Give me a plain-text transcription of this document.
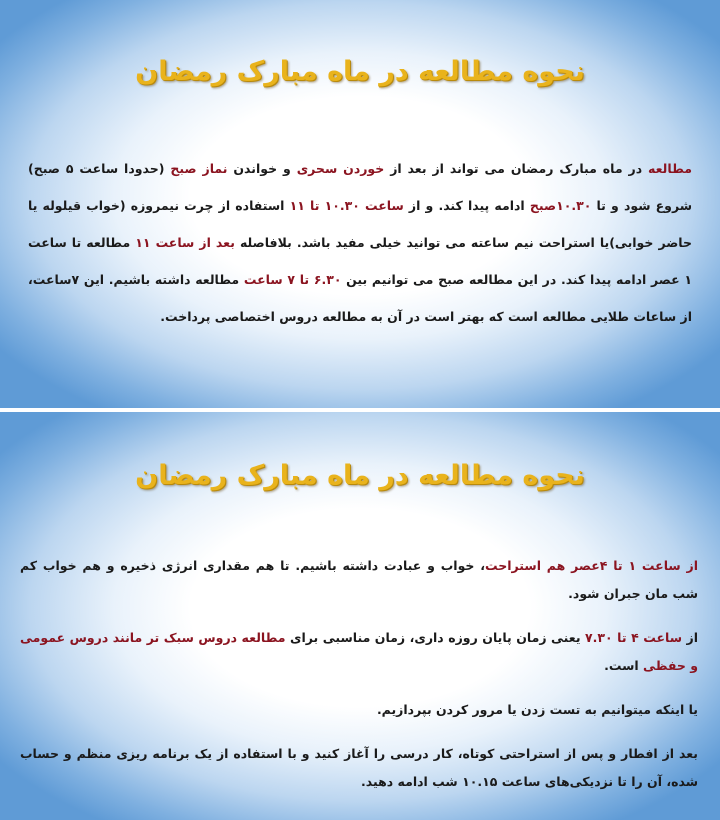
نحوه مطالعه در ماه مبارک رمضان

مطالعه در ماه مبارک رمضان می تواند از بعد از خوردن سحری و خواندن نماز صبح (حدودا ساعت ۵ صبح) شروع شود و تا ۱۰.۳۰صبح ادامه پیدا کند. و از ساعت ۱۰.۳۰ تا ۱۱ استفاده از چرت نیمروزه (خواب قیلوله یا حاضر خوابی)یا استراحت نیم ساعته می توانید خیلی مفید باشد. بلافاصله بعد از ساعت ۱۱ مطالعه تا ساعت ۱ عصر ادامه پیدا کند. در این مطالعه صبح می توانیم بین ۶.۳۰ تا ۷ ساعت مطالعه داشته باشیم. این ۷ساعت، از ساعات طلایی مطالعه است که بهتر است در آن به مطالعه دروس اختصاصی پرداخت.

نحوه مطالعه در ماه مبارک رمضان

از ساعت ۱ تا ۴عصر هم استراحت، خواب و عبادت داشته باشیم. تا هم مقداری انرژی ذخیره و هم خواب کم شب مان جبران شود.

از ساعت ۴ تا ۷.۳۰ یعنی زمان پایان روزه داری، زمان مناسبی برای مطالعه دروس سبک تر مانند دروس عمومی و حفظی است.

یا اینکه میتوانیم به تست زدن یا مرور کردن بپردازیم.

بعد از افطار و پس از استراحتی کوتاه، کار درسی را آغاز کنید و با استفاده از یک برنامه ریزی منظم و حساب شده، آن را تا نزدیکی‌های ساعت ۱۰.۱۵ شب ادامه دهید.
